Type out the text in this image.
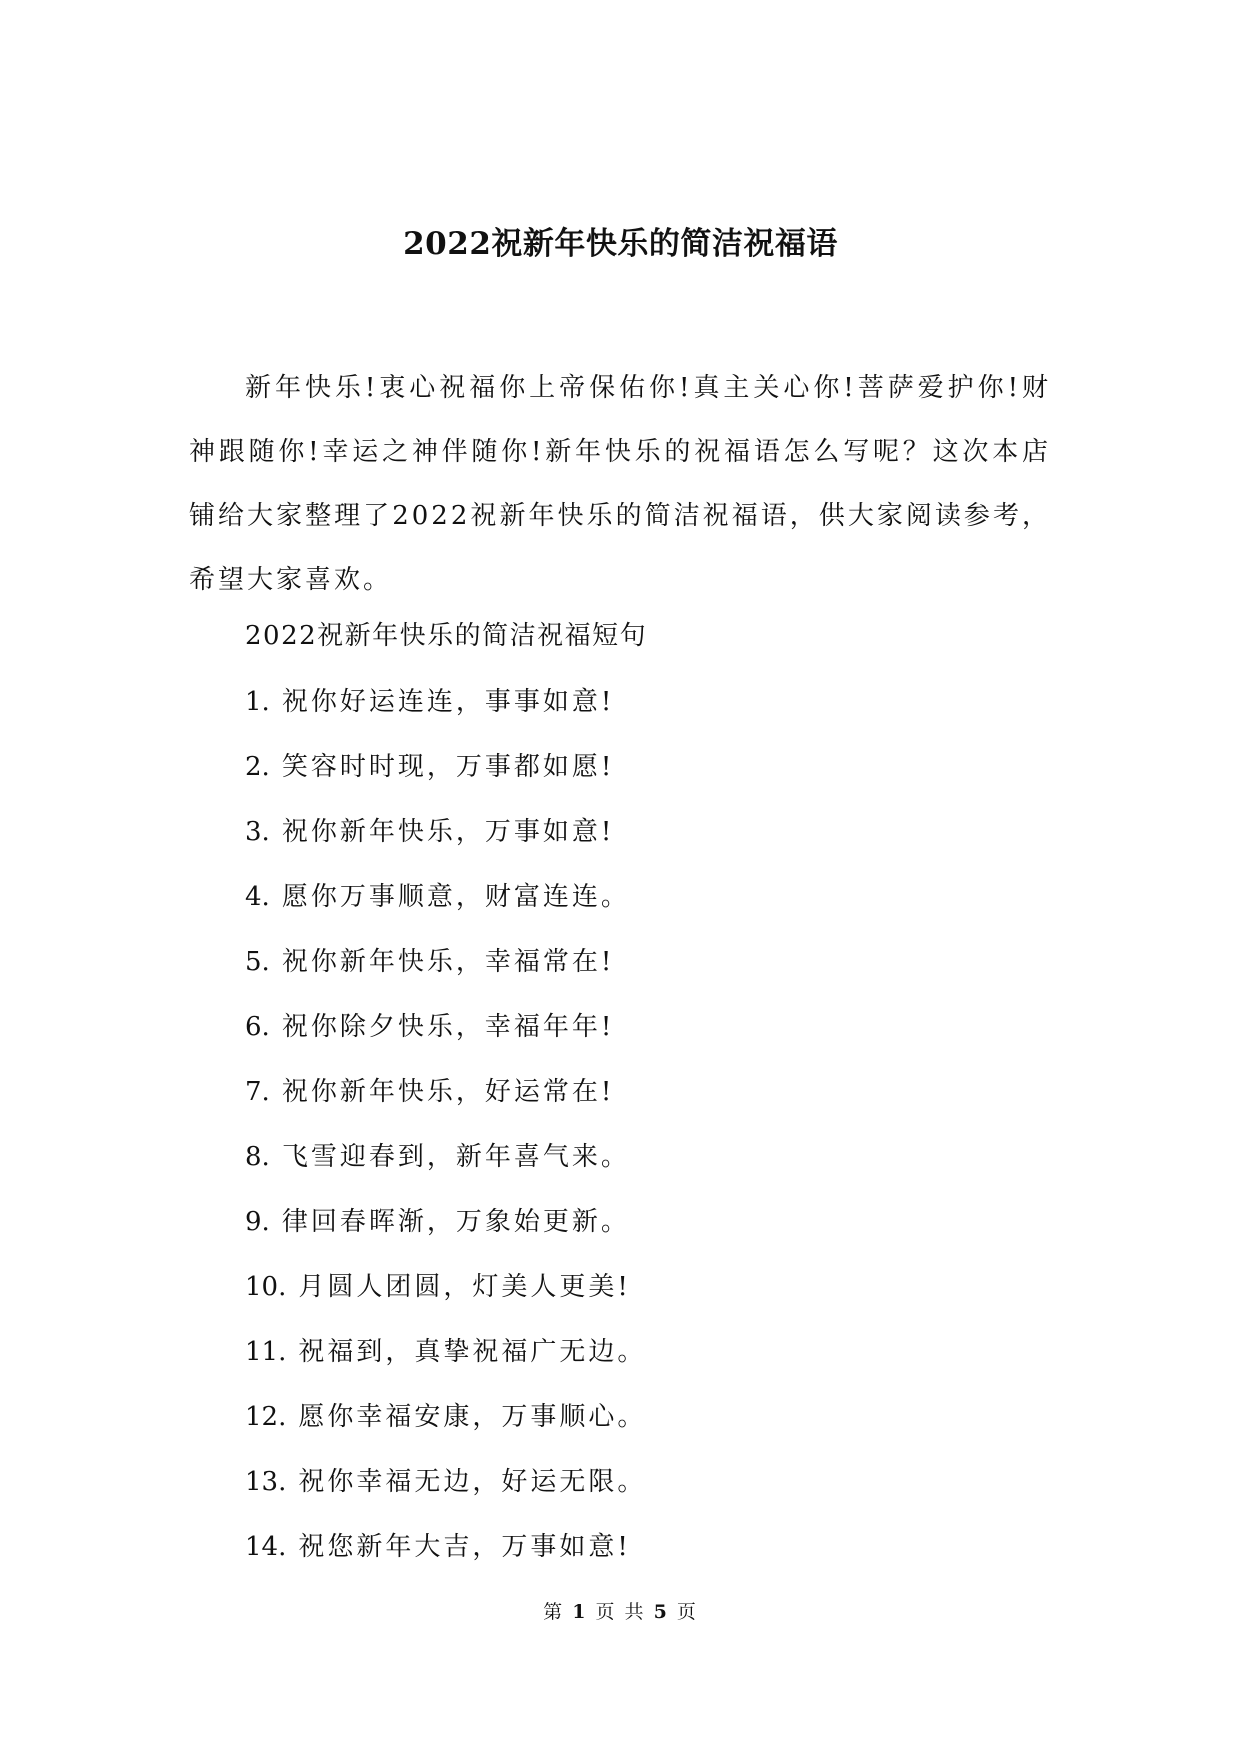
2022祝新年快乐的简洁祝福语

新年快乐!衷心祝福你上帝保佑你!真主关心你!菩萨爱护你!财神跟随你!幸运之神伴随你!新年快乐的祝福语怎么写呢？这次本店铺给大家整理了2022祝新年快乐的简洁祝福语，供大家阅读参考，希望大家喜欢。

2022祝新年快乐的简洁祝福短句
1. 祝你好运连连，事事如意!
2. 笑容时时现，万事都如愿!
3. 祝你新年快乐，万事如意!
4. 愿你万事顺意，财富连连。
5. 祝你新年快乐，幸福常在!
6. 祝你除夕快乐，幸福年年!
7. 祝你新年快乐，好运常在!
8. 飞雪迎春到，新年喜气来。
9. 律回春晖渐，万象始更新。
10. 月圆人团圆，灯美人更美!
11. 祝福到，真挚祝福广无边。
12. 愿你幸福安康，万事顺心。
13. 祝你幸福无边，好运无限。
14. 祝您新年大吉，万事如意!
第 1 页 共 5 页
